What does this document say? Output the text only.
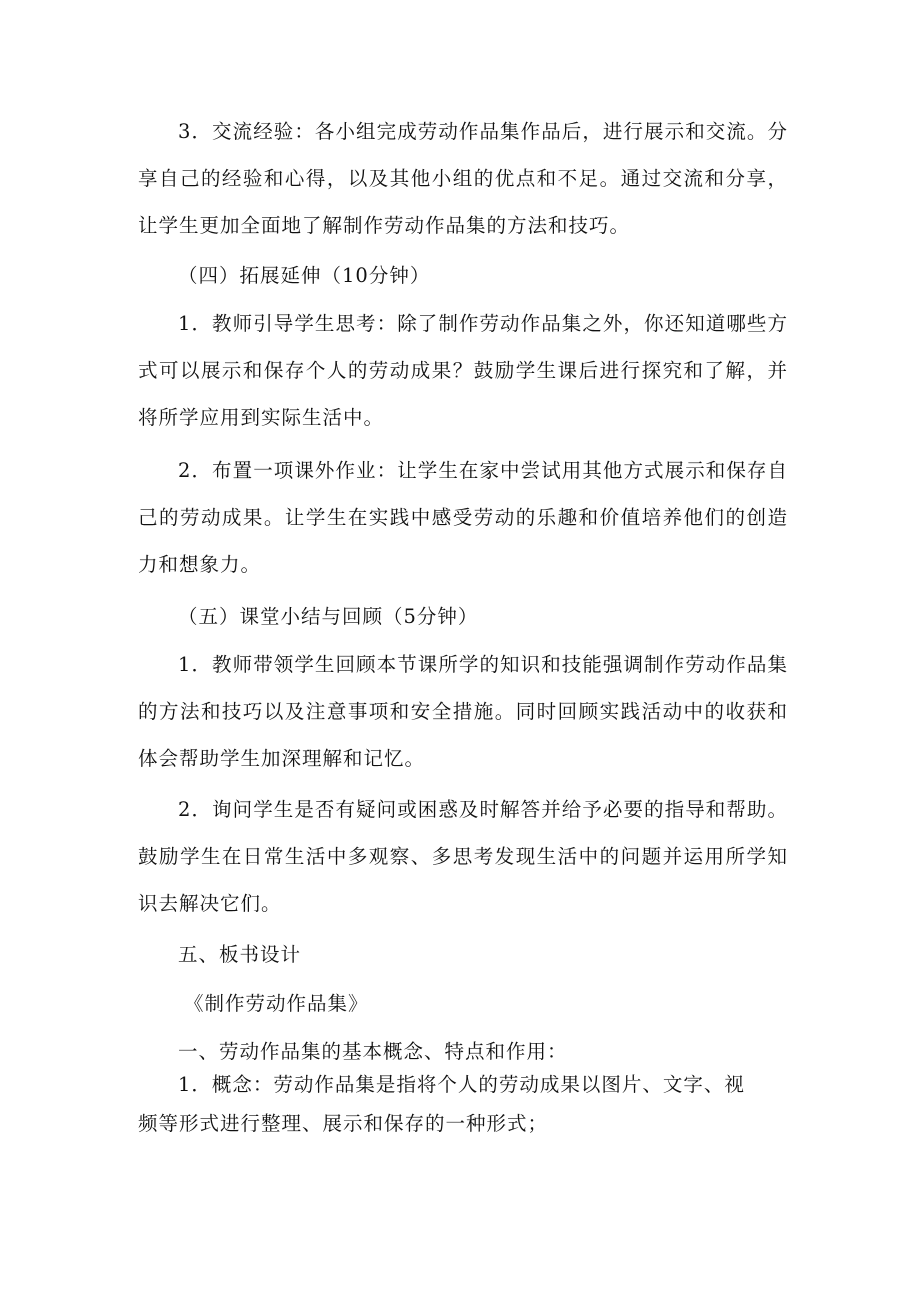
3．交流经验：各小组完成劳动作品集作品后，进行展示和交流。分享自己的经验和心得，以及其他小组的优点和不足。通过交流和分享，让学生更加全面地了解制作劳动作品集的方法和技巧。

（四）拓展延伸（10分钟）

1．教师引导学生思考：除了制作劳动作品集之外，你还知道哪些方式可以展示和保存个人的劳动成果？鼓励学生课后进行探究和了解，并将所学应用到实际生活中。

2．布置一项课外作业：让学生在家中尝试用其他方式展示和保存自己的劳动成果。让学生在实践中感受劳动的乐趣和价值培养他们的创造力和想象力。

（五）课堂小结与回顾（5分钟）

1．教师带领学生回顾本节课所学的知识和技能强调制作劳动作品集的方法和技巧以及注意事项和安全措施。同时回顾实践活动中的收获和体会帮助学生加深理解和记忆。

2．询问学生是否有疑问或困惑及时解答并给予必要的指导和帮助。鼓励学生在日常生活中多观察、多思考发现生活中的问题并运用所学知识去解决它们。

五、板书设计

《制作劳动作品集》

一、劳动作品集的基本概念、特点和作用：

1．概念：劳动作品集是指将个人的劳动成果以图片、文字、视

频等形式进行整理、展示和保存的一种形式；
